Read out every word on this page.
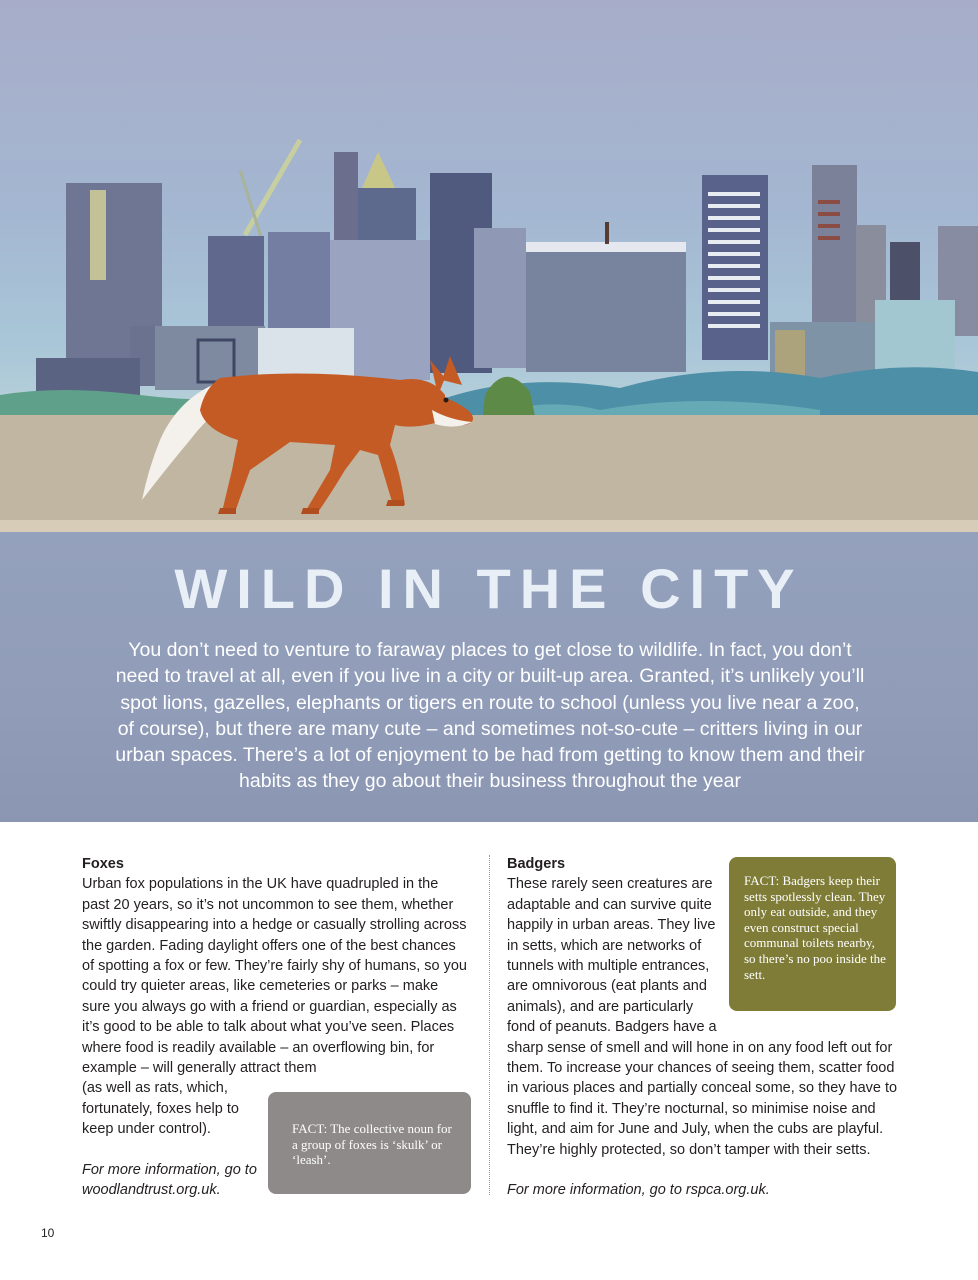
WILD IN THE CITY
You don’t need to venture to faraway places to get close to wildlife. In fact, you don’t need to travel at all, even if you live in a city or built-up area. Granted, it’s unlikely you’ll spot lions, gazelles, elephants or tigers en route to school (unless you live near a zoo, of course), but there are many cute – and sometimes not-so-cute – critters living in our urban spaces. There’s a lot of enjoyment to be had from getting to know them and their habits as they go about their business throughout the year
Foxes

Urban fox populations in the UK have quadrupled in the past 20 years, so it’s not uncommon to see them, whether swiftly disappearing into a hedge or casually strolling across the garden. Fading daylight offers one of the best chances of spotting a fox or few. They’re fairly shy of humans, so you could try quieter areas, like cemeteries or parks – make sure you always go with a friend or guardian, especially as it’s good to be able to talk about what you’ve seen. Places where food is readily available – an overflowing bin, for example – will generally attract them

(as well as rats, which, fortunately, foxes help to keep under control).

For more information, go to woodlandtrust.org.uk.

FACT: The collective noun for a group of foxes is ‘skulk’ or ‘leash’.
Badgers

These rarely seen creatures are adaptable and can survive quite happily in urban areas. They live in setts, which are networks of tunnels with multiple entrances, are omnivorous (eat plants and animals), and are particularly fond of peanuts. Badgers have a

sharp sense of smell and will hone in on any food left out for them. To increase your chances of seeing them, scatter food in various places and partially conceal some, so they have to snuffle to find it. They’re nocturnal, so minimise noise and light, and aim for June and July, when the cubs are playful. They’re highly protected, so don’t tamper with their setts.

For more information, go to rspca.org.uk.

FACT: Badgers keep their setts spotlessly clean. They only eat outside, and they even construct special communal toilets nearby, so there’s no poo inside the sett.
10
